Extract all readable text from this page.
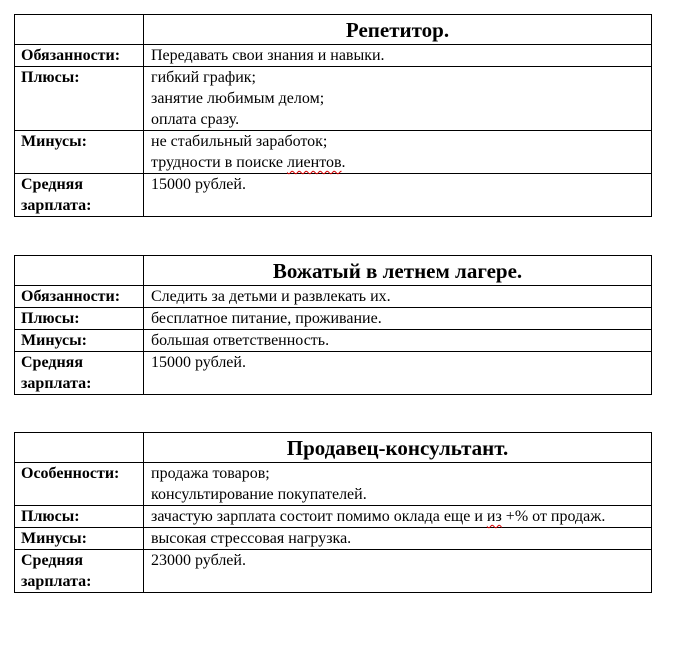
	Репетитор.
Обязанности:	Передавать свои знания и навыки.

Плюсы:	гибкий график;
занятие любимым делом;
оплата сразу.

Минусы:	не стабильный заработок;
трудности в поиске лиентов.

Средняя зарплата:	15000 рублей.
	Вожатый в летнем лагере.
Обязанности:	Следить за детьми и развлекать их.

Плюсы:	бесплатное питание, проживание.

Минусы:	большая ответственность.

Средняя зарплата:	15000 рублей.
	Продавец-консультант.
Особенности:	продажа товаров;
консультирование покупателей.

Плюсы:	зачастую зарплата состоит помимо оклада еще и из +% от продаж.

Минусы:	высокая стрессовая нагрузка.

Средняя зарплата:	23000 рублей.
